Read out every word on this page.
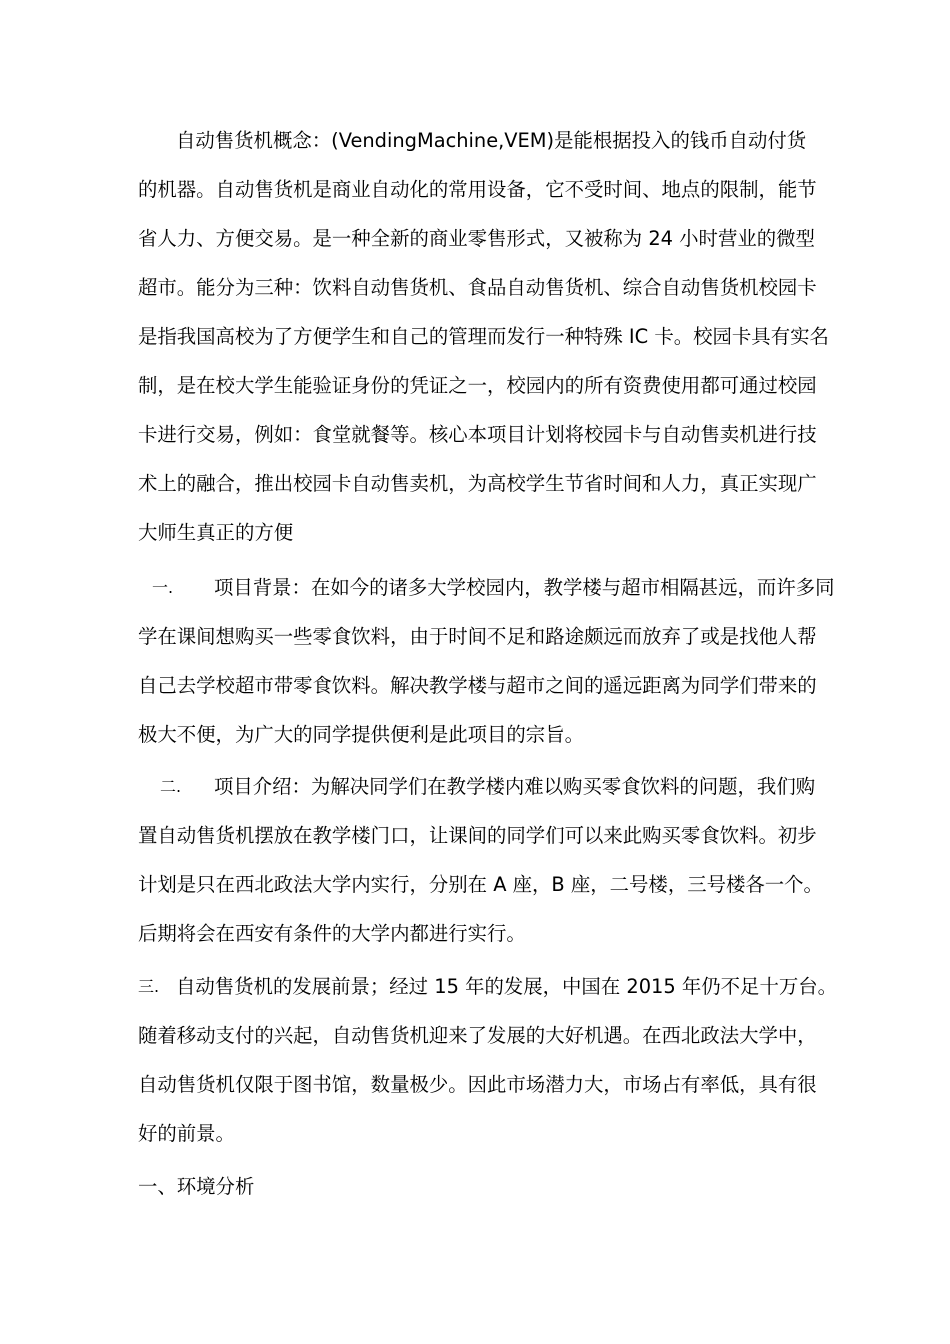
自动售货机概念：(VendingMachine,VEM)是能根据投入的钱币自动付货

的机器。自动售货机是商业自动化的常用设备，它不受时间、地点的限制，能节

省人力、方便交易。是一种全新的商业零售形式，又被称为 24 小时营业的微型

超市。能分为三种：饮料自动售货机、食品自动售货机、综合自动售货机校园卡

是指我国高校为了方便学生和自己的管理而发行一种特殊 IC 卡。校园卡具有实名

制，是在校大学生能验证身份的凭证之一，校园内的所有资费使用都可通过校园

卡进行交易，例如：食堂就餐等。核心本项目计划将校园卡与自动售卖机进行技

术上的融合，推出校园卡自动售卖机，为高校学生节省时间和人力，真正实现广

大师生真正的方便

一.	项目背景：在如今的诸多大学校园内，教学楼与超市相隔甚远，而许多同

学在课间想购买一些零食饮料，由于时间不足和路途颇远而放弃了或是找他人帮

自己去学校超市带零食饮料。解决教学楼与超市之间的遥远距离为同学们带来的

极大不便，为广大的同学提供便利是此项目的宗旨。

二.	项目介绍：为解决同学们在教学楼内难以购买零食饮料的问题，我们购

置自动售货机摆放在教学楼门口，让课间的同学们可以来此购买零食饮料。初步

计划是只在西北政法大学内实行，分别在 A 座，B 座，二号楼，三号楼各一个。

后期将会在西安有条件的大学内都进行实行。

三. 自动售货机的发展前景；经过 15 年的发展，中国在 2015 年仍不足十万台。

随着移动支付的兴起，自动售货机迎来了发展的大好机遇。在西北政法大学中，

自动售货机仅限于图书馆，数量极少。因此市场潜力大，市场占有率低，具有很

好的前景。

一、环境分析
